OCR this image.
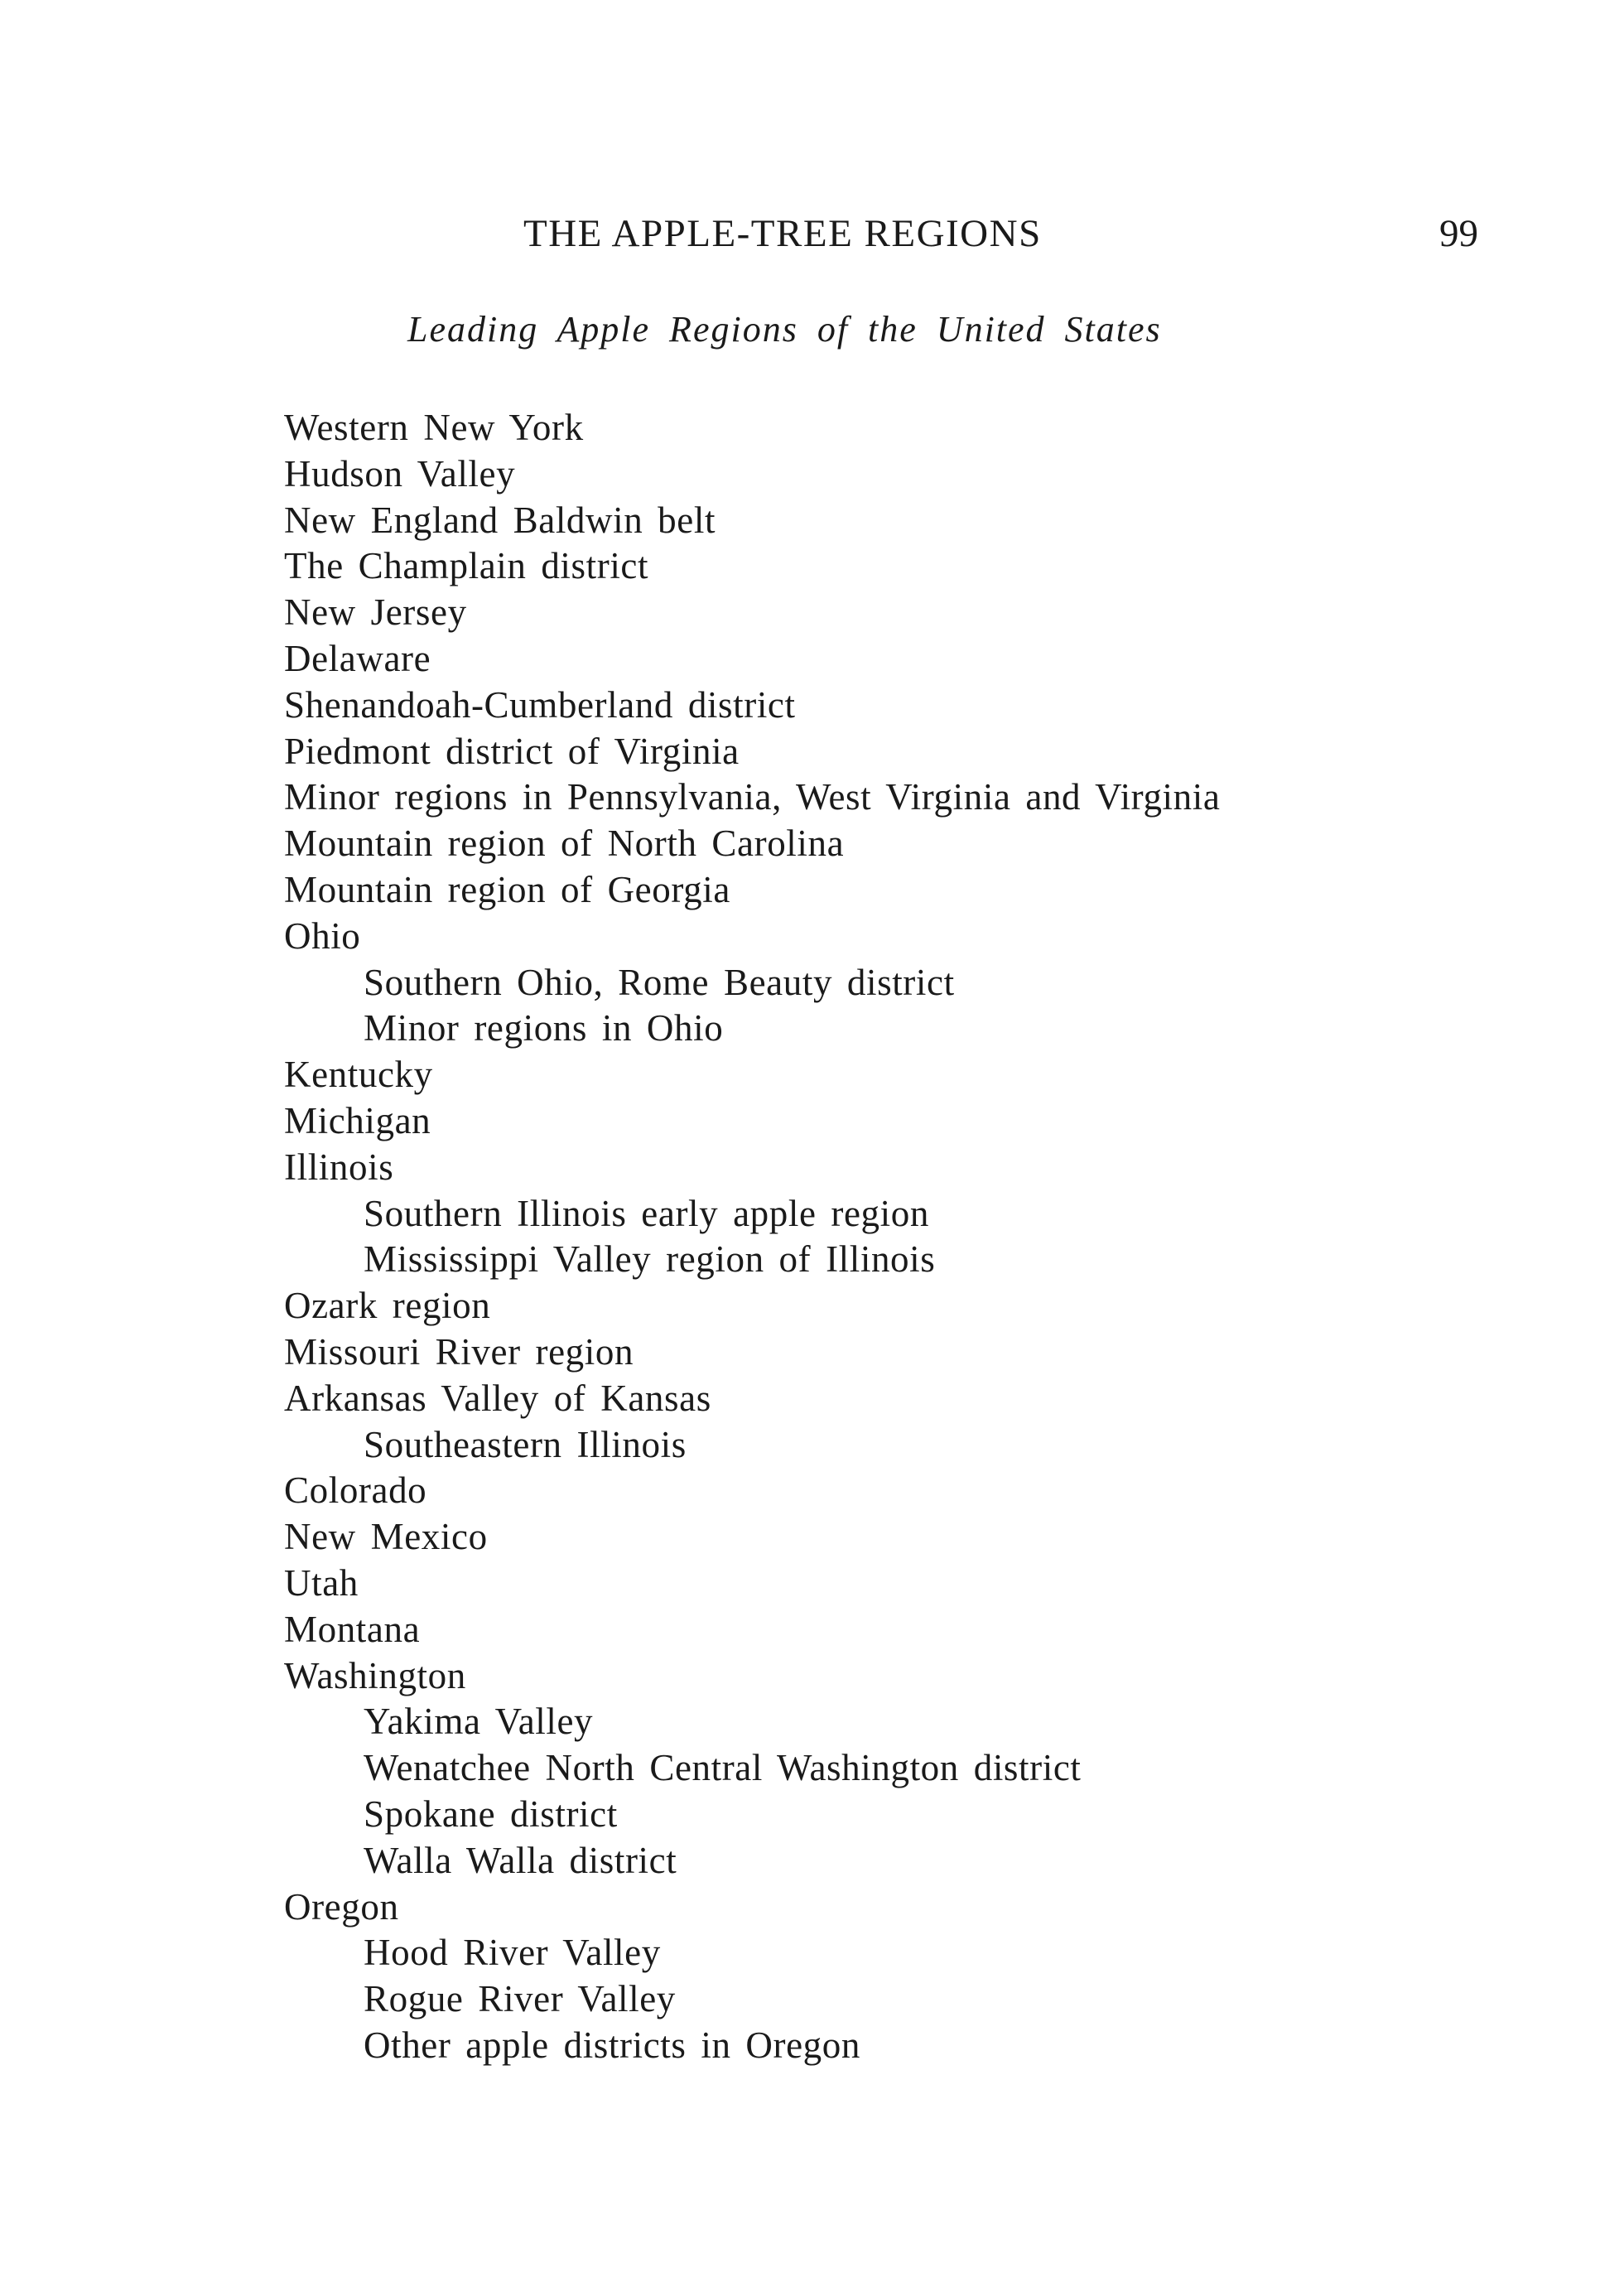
THE APPLE-TREE REGIONS	99
Leading Apple Regions of the United States
Western New York
Hudson Valley
New England Baldwin belt
The Champlain district
New Jersey
Delaware
Shenandoah-Cumberland district
Piedmont district of Virginia
Minor regions in Pennsylvania, West Virginia and Virginia
Mountain region of North Carolina
Mountain region of Georgia
Ohio
Southern Ohio, Rome Beauty district
Minor regions in Ohio
Kentucky
Michigan
Illinois
Southern Illinois early apple region
Mississippi Valley region of Illinois
Ozark region
Missouri River region
Arkansas Valley of Kansas
Southeastern Illinois
Colorado
New Mexico
Utah
Montana
Washington
Yakima Valley
Wenatchee North Central Washington district
Spokane district
Walla Walla district
Oregon
Hood River Valley
Rogue River Valley
Other apple districts in Oregon
